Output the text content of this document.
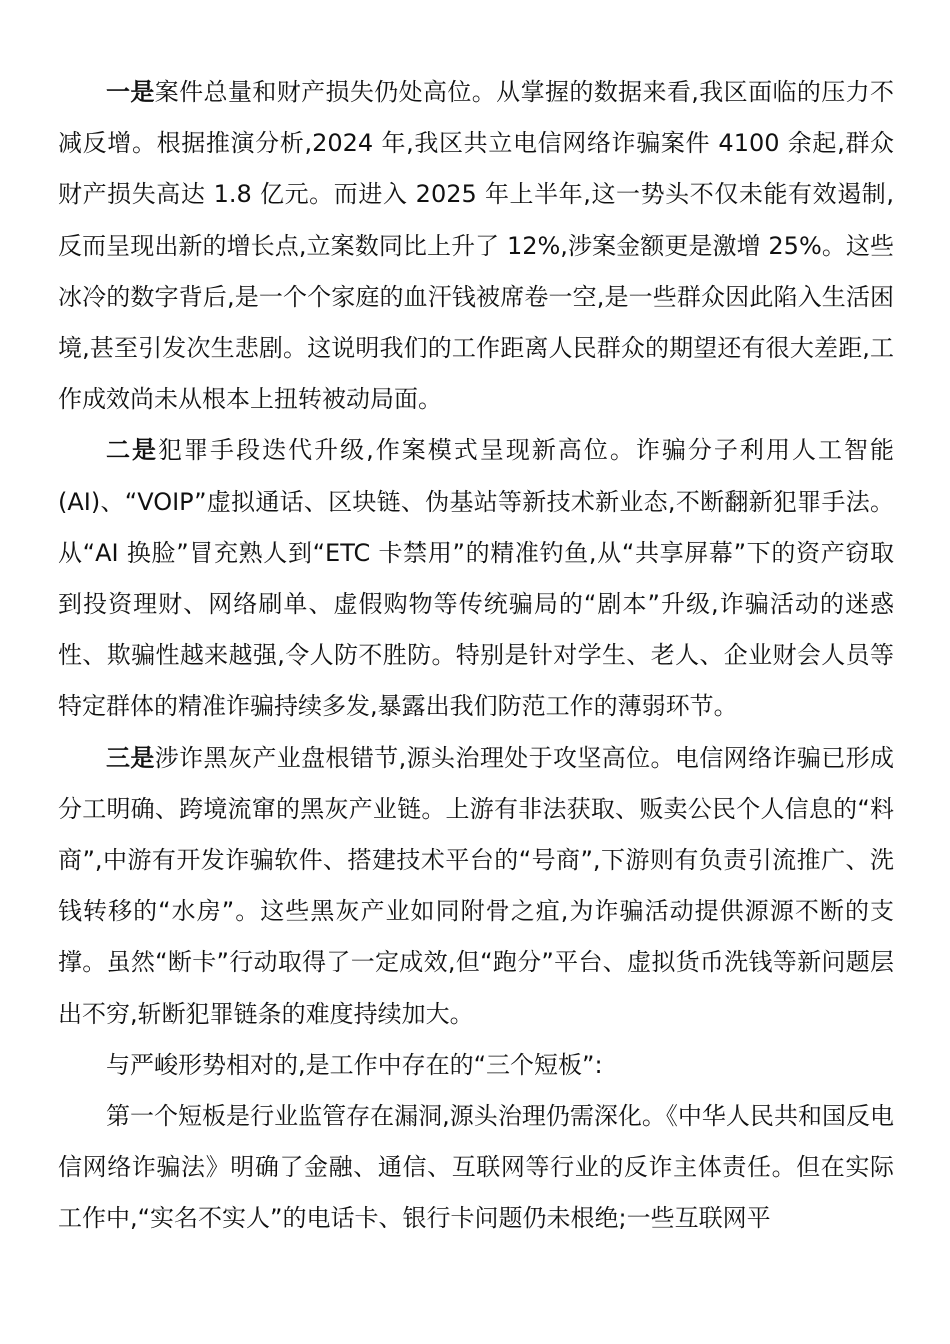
一是案件总量和财产损失仍处高位。从掌握的数据来看,我区面临的压力不减反增。根据推演分析,2024 年,我区共立电信网络诈骗案件 4100 余起,群众财产损失高达 1.8 亿元。而进入 2025 年上半年,这一势头不仅未能有效遏制,反而呈现出新的增长点,立案数同比上升了 12%,涉案金额更是激增 25%。这些冰冷的数字背后,是一个个家庭的血汗钱被席卷一空,是一些群众因此陷入生活困境,甚至引发次生悲剧。这说明我们的工作距离人民群众的期望还有很大差距,工作成效尚未从根本上扭转被动局面。

二是犯罪手段迭代升级,作案模式呈现新高位。诈骗分子利用人工智能(AI)、“VOIP”虚拟通话、区块链、伪基站等新技术新业态,不断翻新犯罪手法。从“AI 换脸”冒充熟人到“ETC 卡禁用”的精准钓鱼,从“共享屏幕”下的资产窃取到投资理财、网络刷单、虚假购物等传统骗局的“剧本”升级,诈骗活动的迷惑性、欺骗性越来越强,令人防不胜防。特别是针对学生、老人、企业财会人员等特定群体的精准诈骗持续多发,暴露出我们防范工作的薄弱环节。

三是涉诈黑灰产业盘根错节,源头治理处于攻坚高位。电信网络诈骗已形成分工明确、跨境流窜的黑灰产业链。上游有非法获取、贩卖公民个人信息的“料商”,中游有开发诈骗软件、搭建技术平台的“号商”,下游则有负责引流推广、洗钱转移的“水房”。这些黑灰产业如同附骨之疽,为诈骗活动提供源源不断的支撑。虽然“断卡”行动取得了一定成效,但“跑分”平台、虚拟货币洗钱等新问题层出不穷,斩断犯罪链条的难度持续加大。

与严峻形势相对的,是工作中存在的“三个短板”:

第一个短板是行业监管存在漏洞,源头治理仍需深化。《中华人民共和国反电信网络诈骗法》明确了金融、通信、互联网等行业的反诈主体责任。但在实际工作中,“实名不实人”的电话卡、银行卡问题仍未根绝;一些互联网平
